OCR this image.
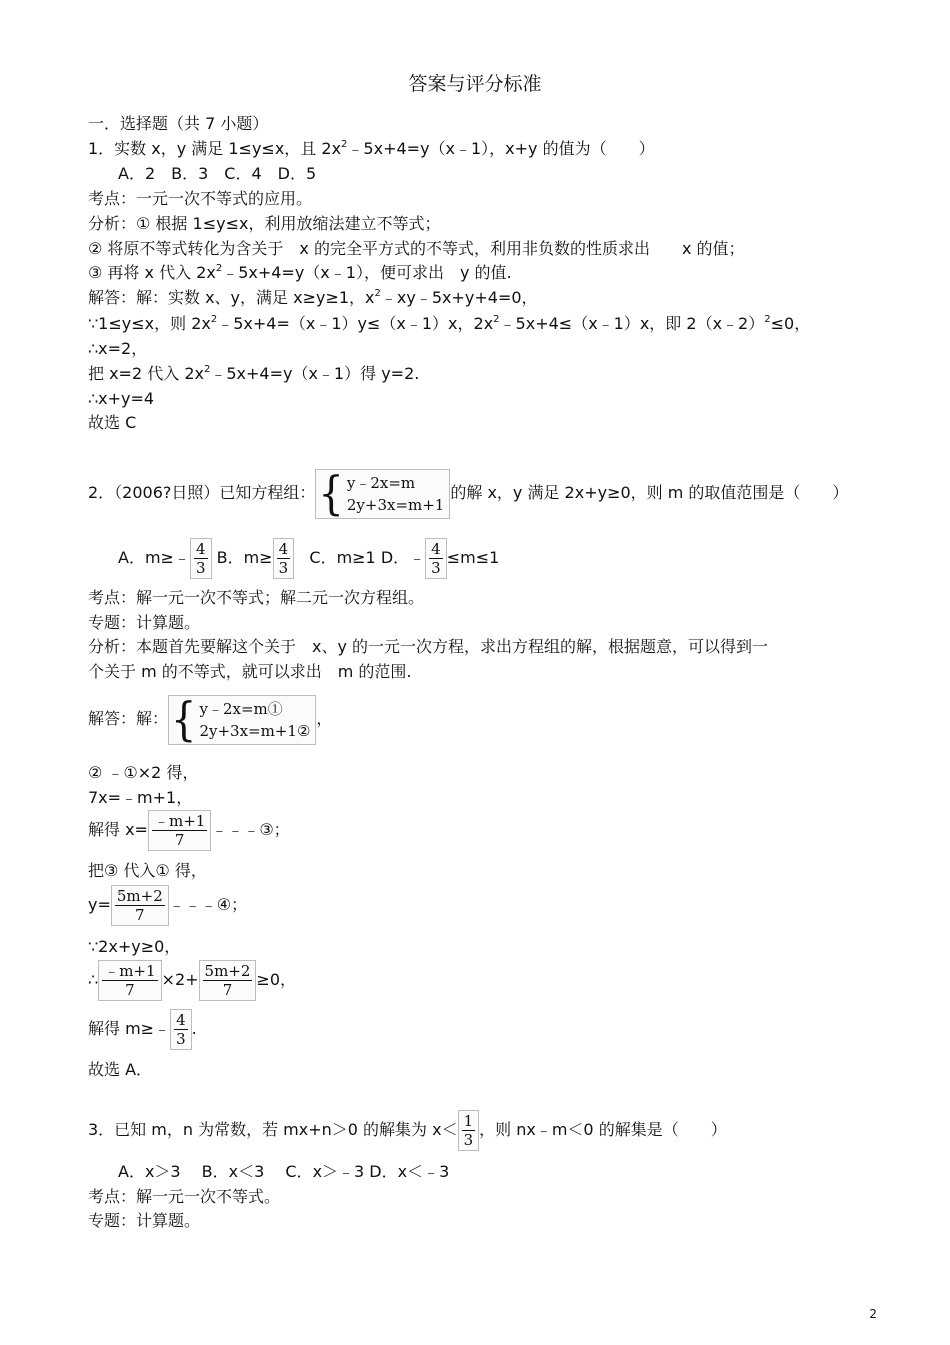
答案与评分标准
一．选择题（共 7 小题）
1．实数 x，y 满足 1≤y≤x，且 $2x^2﹣5x+4=y(x﹣1)$，x+y 的值为（　　）
A．2　B．3　C．4　D．5
考点：一元一次不等式的应用。
分析：① 根据 1≤y≤x，利用放缩法建立不等式；
② 将原不等式转化为含关于　x 的完全平方式的不等式，利用非负数的性质求出　　x 的值；
③ 再将 x 代入 $2x^2﹣5x+4=y(x﹣1)$，便可求出　y 的值.
解答：解：实数 x、y，满足 x≥y≥1，$x^2﹣xy﹣5x+y+4=0$，
∵1≤y≤x，则 $2x^2﹣5x+4=(x﹣1)y\le(x﹣1)x$，$2x^2﹣5x+4\le(x﹣1)x$，即 2（x﹣2）$^2$≤0，
∴x=2，
把 x=2 代入 $2x^2﹣5x+4=y(x﹣1)$得 y=2.
∴x+y=4
故选 C
2．（2006?日照）已知方程组： { y﹣2x=m
2y+3x=m+1
的解 x，y 满足 2x+y≥0，则 m 的取值范围是（　　）
A．m≥﹣ $\frac{4}{3}$ B．$m\ge \frac{4}{3}$ C．m≥1 D．﹣ $\frac{4}{3} \le m\le 1$
考点：解一元一次不等式；解二元一次方程组。
专题：计算题。
分析：本题首先要解这个关于　x、y 的一元一次方程，求出方程组的解，根据题意，可以得到一
个关于 m 的不等式，就可以求出　m 的范围.
解答：解： { y﹣2x=m①
2y+3x=m+1②
，
② ﹣①×2 得，
7x=﹣m+1，
解得 $x= \frac{﹣m+1}{7}$ ﹣﹣﹣③；
把③ 代入① 得，
$y= \frac{5m+2}{7}$ ﹣﹣﹣④；
∵2x+y≥0，
∴ $\frac{﹣m+1}{7} \times 2+ \frac{5m+2}{7} \ge 0$，
解得 m≥﹣ $\frac{4}{3}$ .
故选 A．
3．已知 m，n 为常数，若 mx+n＞0 的解集为 $x< \frac{1}{3}$ ，则 nx﹣m＜0 的解集是（　　）
A．x＞3　 B．x＜3　 C．x＞﹣3 D．x＜﹣3
考点：解一元一次不等式。
专题：计算题。
2
